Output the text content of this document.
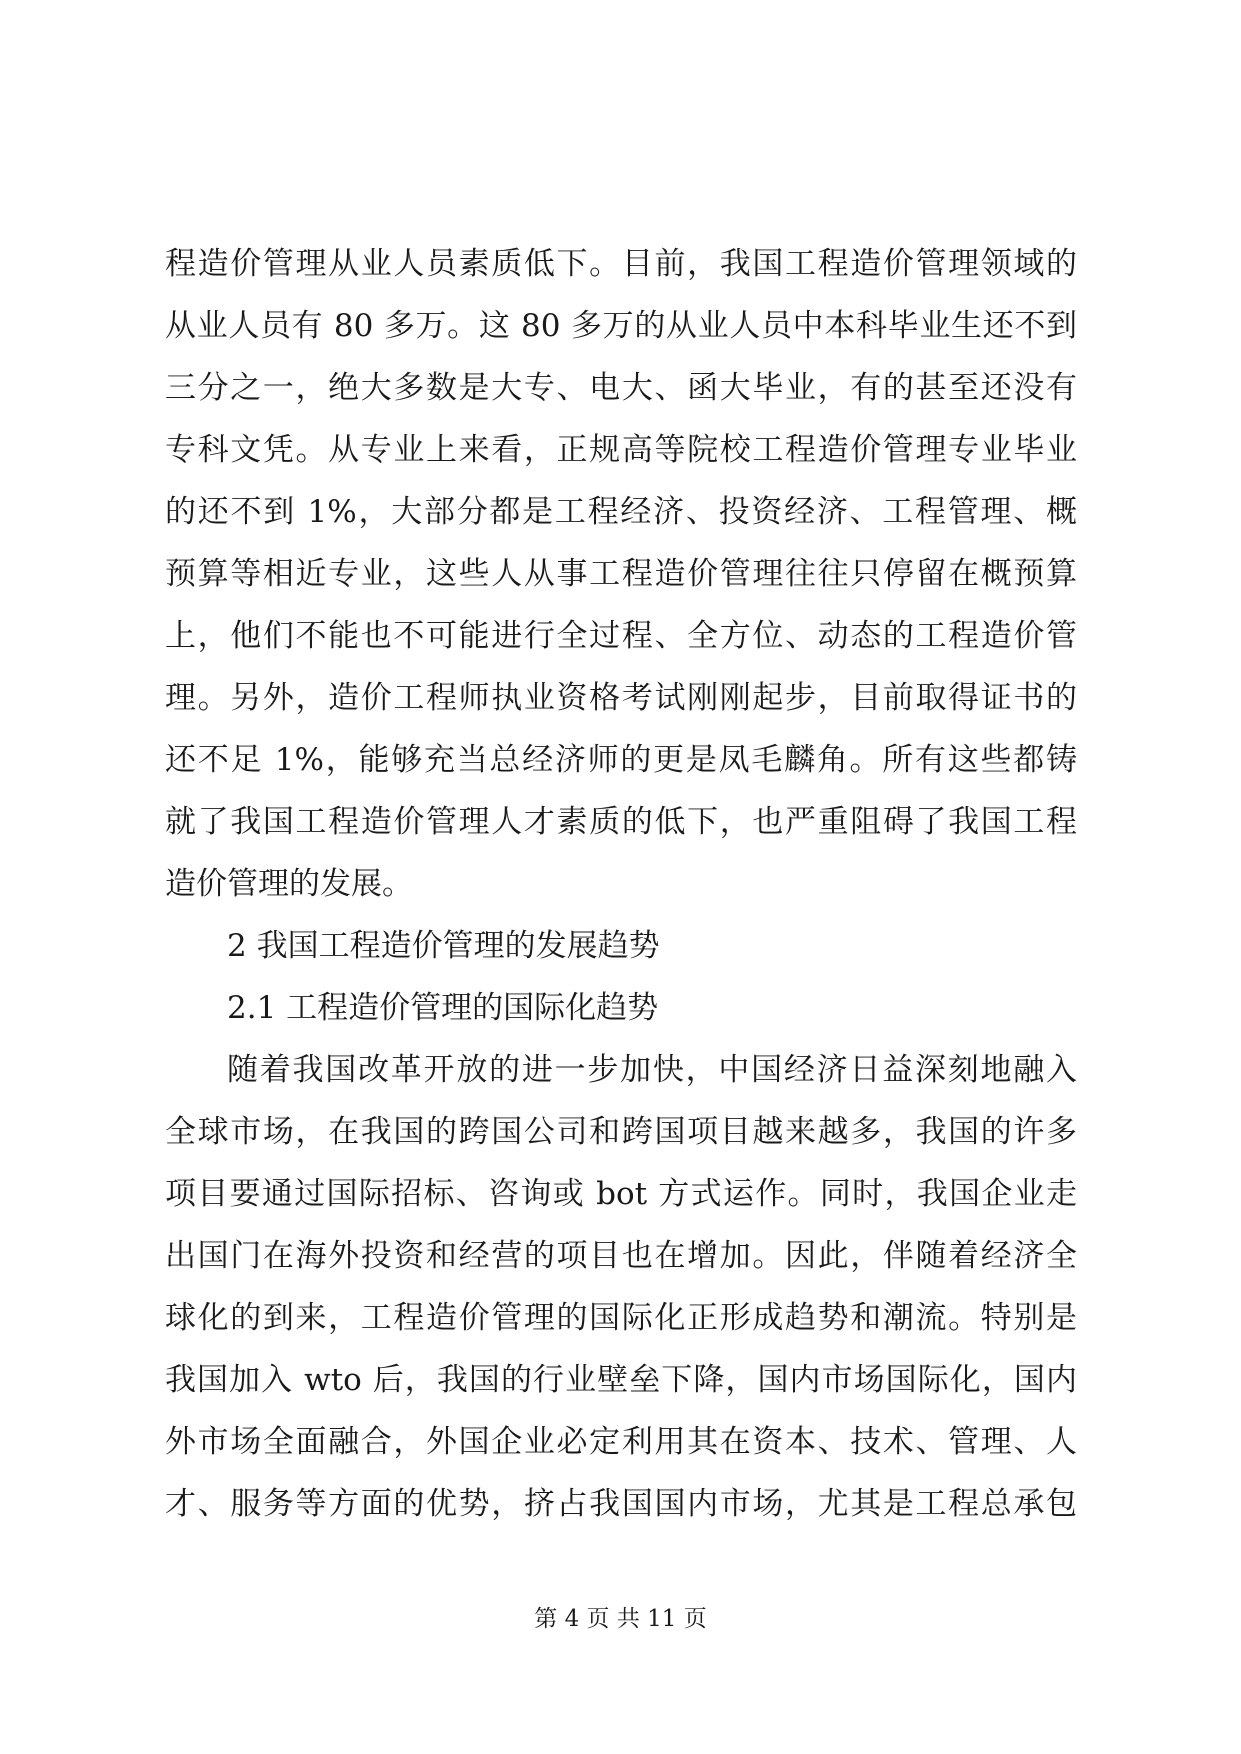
程造价管理从业人员素质低下。目前，我国工程造价管理领域的
从业人员有 80 多万。这 80 多万的从业人员中本科毕业生还不到
三分之一，绝大多数是大专、电大、函大毕业，有的甚至还没有
专科文凭。从专业上来看，正规高等院校工程造价管理专业毕业
的还不到 1%，大部分都是工程经济、投资经济、工程管理、概
预算等相近专业，这些人从事工程造价管理往往只停留在概预算
上，他们不能也不可能进行全过程、全方位、动态的工程造价管
理。另外，造价工程师执业资格考试刚刚起步，目前取得证书的
还不足 1%，能够充当总经济师的更是凤毛麟角。所有这些都铸
就了我国工程造价管理人才素质的低下，也严重阻碍了我国工程
造价管理的发展。
2 我国工程造价管理的发展趋势
2.1 工程造价管理的国际化趋势
随着我国改革开放的进一步加快，中国经济日益深刻地融入
全球市场，在我国的跨国公司和跨国项目越来越多，我国的许多
项目要通过国际招标、咨询或 bot 方式运作。同时，我国企业走
出国门在海外投资和经营的项目也在增加。因此，伴随着经济全
球化的到来，工程造价管理的国际化正形成趋势和潮流。特别是
我国加入 wto 后，我国的行业壁垒下降，国内市场国际化，国内
外市场全面融合，外国企业必定利用其在资本、技术、管理、人
才、服务等方面的优势，挤占我国国内市场，尤其是工程总承包
第 4 页 共 11 页
